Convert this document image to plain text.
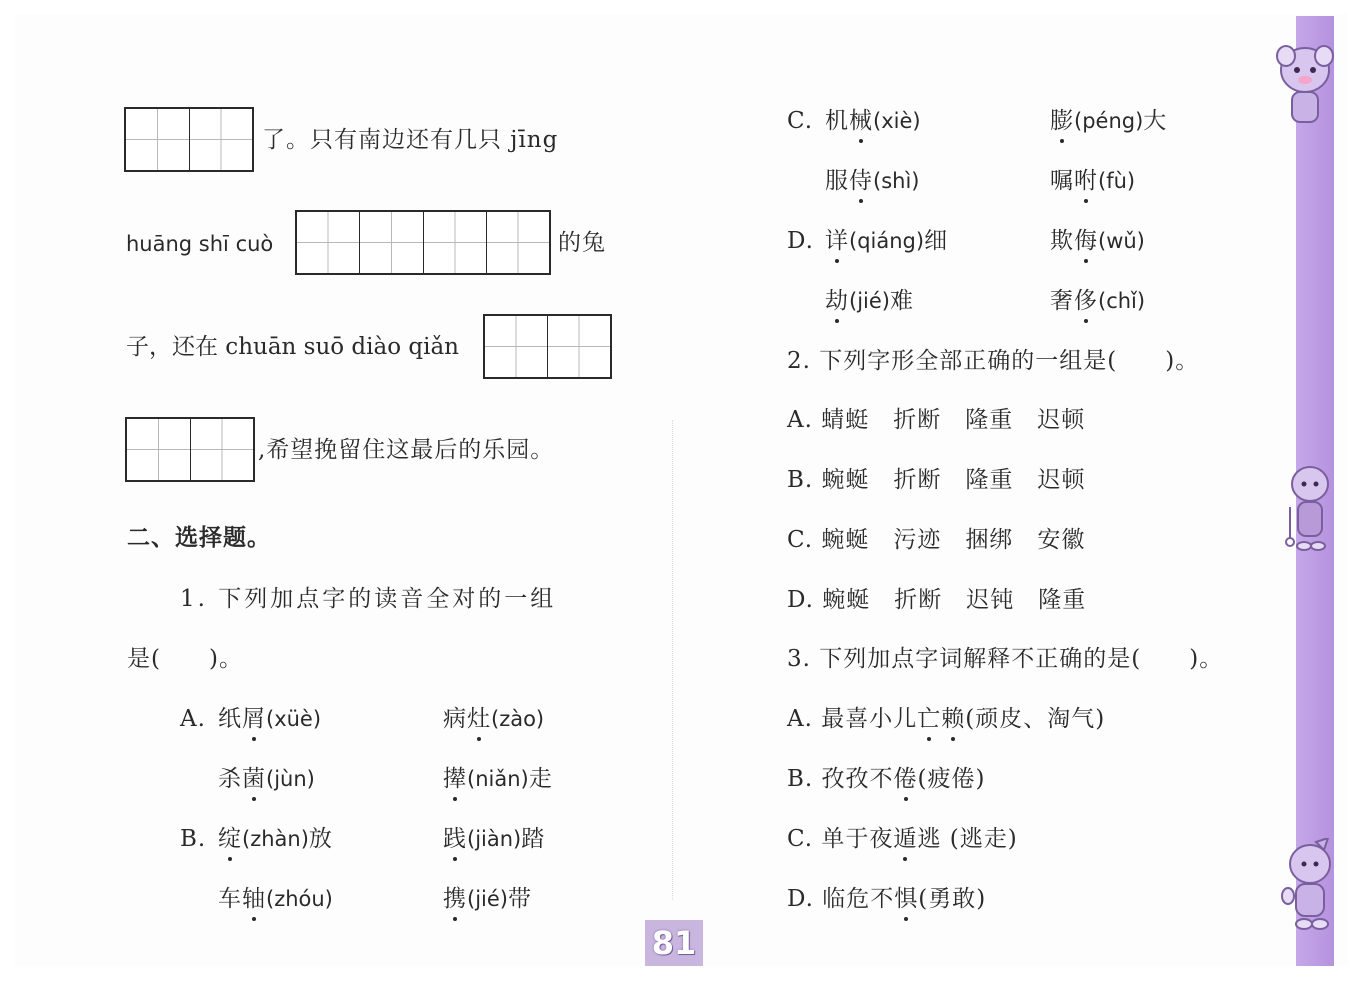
了。只有南边还有几只 jīng
huāng shī cuò	的兔
子，还在 chuān suō diào qiǎn
,希望挽留住这最后的乐园。
二、选择题。
1. 下列加点字的读音全对的一组
是(　　)。
A. 纸屑(xüè)	病灶(zào)
杀菌(jùn)	撵(niǎn)走
B. 绽(zhàn)放	践(jiàn)踏
车轴(zhóu)	携(jié)带
C. 机械(xiè)	膨(péng)大
服侍(shì)	嘱咐(fù)
D. 详(qiáng)细	欺侮(wǔ)
劫(jié)难	奢侈(chǐ)
2. 下列字形全部正确的一组是(　　)。
A. 蜻蜓　折断　隆重　迟顿
B. 蜿蜒　折断　隆重　迟顿
C. 蜿蜒　污迹　捆绑　安徽
D. 蜿蜒　折断　迟钝　隆重
3. 下列加点字词解释不正确的是(　　)。
A. 最喜小儿亡赖(顽皮、淘气)
B. 孜孜不倦(疲倦)
C. 单于夜遁逃 (逃走)
D. 临危不惧(勇敢)
81
